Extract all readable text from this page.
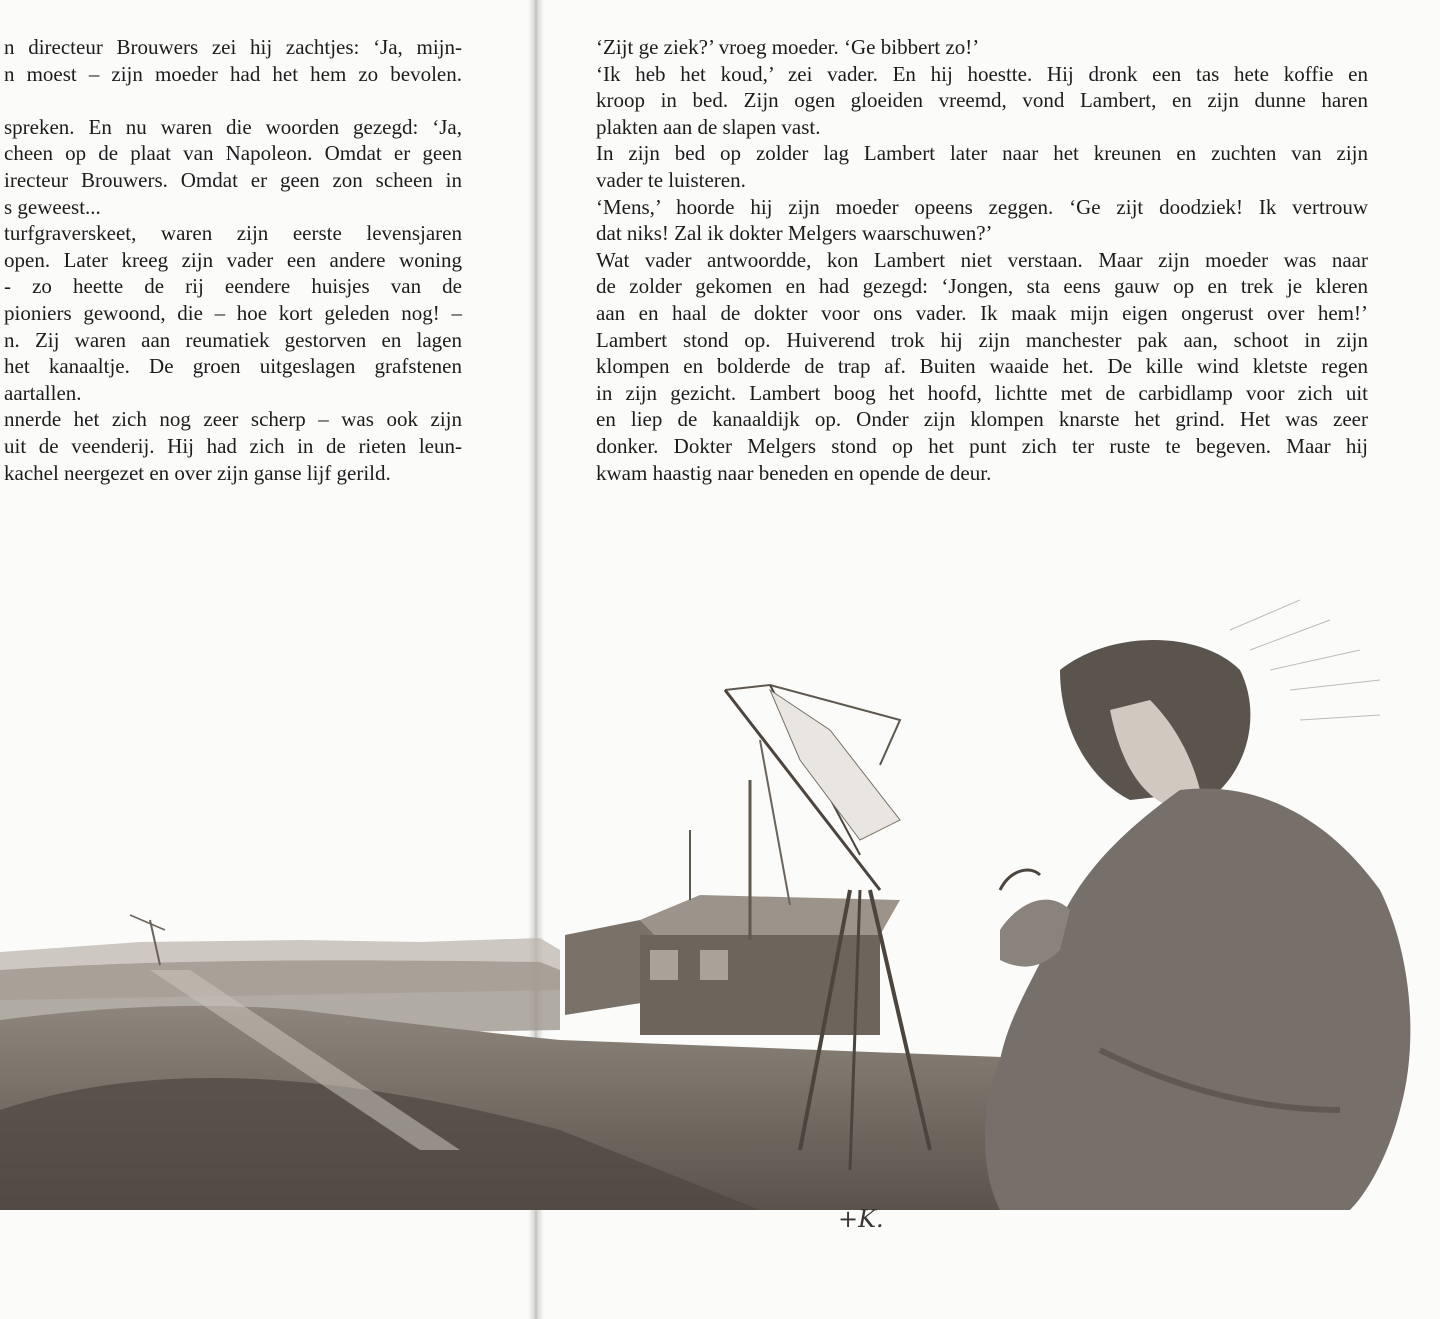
n directeur Brouwers zei hij zachtjes: ‘Ja, mijn-

n moest – zijn moeder had het hem zo bevolen.

spreken. En nu waren die woorden gezegd: ‘Ja,

cheen op de plaat van Napoleon. Omdat er geen

irecteur Brouwers. Omdat er geen zon scheen in

s geweest...

turfgraverskeet, waren zijn eerste levensjaren

open. Later kreeg zijn vader een andere woning

- zo heette de rij eendere huisjes van de

pioniers gewoond, die – hoe kort geleden nog! –

n. Zij waren aan reumatiek gestorven en lagen

het kanaaltje. De groen uitgeslagen grafstenen

aartallen.

nnerde het zich nog zeer scherp – was ook zijn

uit de veenderij. Hij had zich in de rieten leun-

kachel neergezet en over zijn ganse lijf gerild.

‘Zijt ge ziek?’ vroeg moeder. ‘Ge bibbert zo!’

‘Ik heb het koud,’ zei vader. En hij hoestte. Hij dronk een tas hete koffie en

kroop in bed. Zijn ogen gloeiden vreemd, vond Lambert, en zijn dunne haren

plakten aan de slapen vast.

In zijn bed op zolder lag Lambert later naar het kreunen en zuchten van zijn

vader te luisteren.

‘Mens,’ hoorde hij zijn moeder opeens zeggen. ‘Ge zijt doodziek! Ik vertrouw

dat niks! Zal ik dokter Melgers waarschuwen?’

Wat vader antwoordde, kon Lambert niet verstaan. Maar zijn moeder was naar

de zolder gekomen en had gezegd: ‘Jongen, sta eens gauw op en trek je kleren

aan en haal de dokter voor ons vader. Ik maak mijn eigen ongerust over hem!’

Lambert stond op. Huiverend trok hij zijn manchester pak aan, schoot in zijn

klompen en bolderde de trap af. Buiten waaide het. De kille wind kletste regen

in zijn gezicht. Lambert boog het hoofd, lichtte met de carbidlamp voor zich uit

en liep de kanaaldijk op. Onder zijn klompen knarste het grind. Het was zeer

donker. Dokter Melgers stond op het punt zich ter ruste te begeven. Maar hij

kwam haastig naar beneden en opende de deur.

+K.
